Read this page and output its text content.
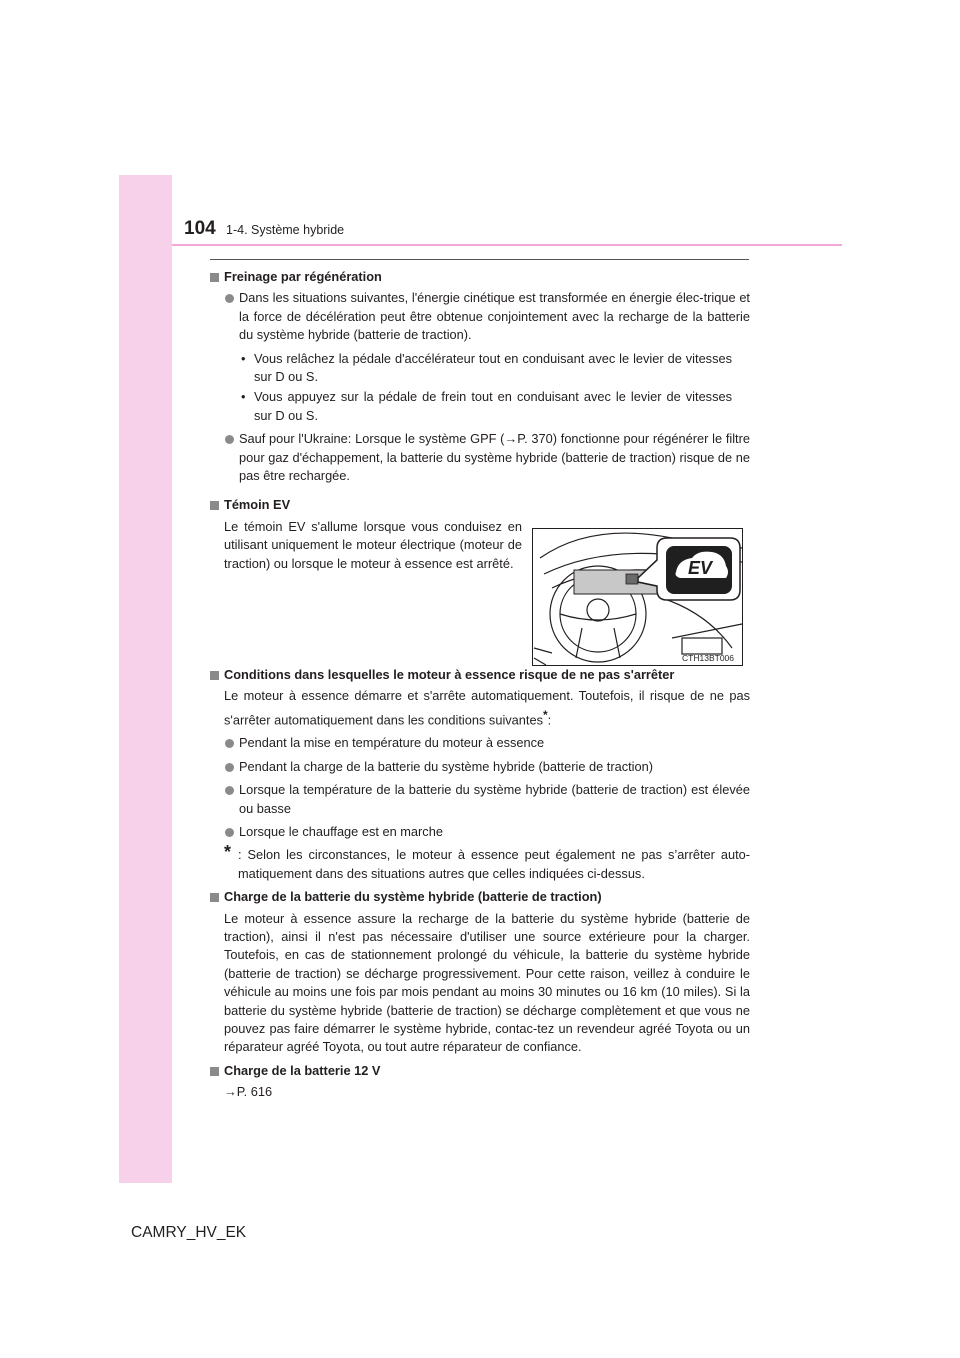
104 1-4. Système hybride
Freinage par régénération
Dans les situations suivantes, l'énergie cinétique est transformée en énergie élec-trique et la force de décélération peut être obtenue conjointement avec la recharge de la batterie du système hybride (batterie de traction).
• Vous relâchez la pédale d'accélérateur tout en conduisant avec le levier de vitesses sur D ou S.
• Vous appuyez sur la pédale de frein tout en conduisant avec le levier de vitesses sur D ou S.
Sauf pour l'Ukraine: Lorsque le système GPF (→P. 370) fonctionne pour régénérer le filtre pour gaz d'échappement, la batterie du système hybride (batterie de traction) risque de ne pas être rechargée.
Témoin EV
Le témoin EV s'allume lorsque vous conduisez en utilisant uniquement le moteur électrique (moteur de traction) ou lorsque le moteur à essence est arrêté.	EV
CTH13BT006
Conditions dans lesquelles le moteur à essence risque de ne pas s'arrêter
Le moteur à essence démarre et s'arrête automatiquement. Toutefois, il risque de ne pas s'arrêter automatiquement dans les conditions suivantes*:
Pendant la mise en température du moteur à essence
Pendant la charge de la batterie du système hybride (batterie de traction)
Lorsque la température de la batterie du système hybride (batterie de traction) est élevée ou basse
Lorsque le chauffage est en marche
* : Selon les circonstances, le moteur à essence peut également ne pas s’arrêter auto-matiquement dans des situations autres que celles indiquées ci-dessus.
Charge de la batterie du système hybride (batterie de traction)
Le moteur à essence assure la recharge de la batterie du système hybride (batterie de traction), ainsi il n'est pas nécessaire d'utiliser une source extérieure pour la charger. Toutefois, en cas de stationnement prolongé du véhicule, la batterie du système hybride (batterie de traction) se décharge progressivement. Pour cette raison, veillez à conduire le véhicule au moins une fois par mois pendant au moins 30 minutes ou 16 km (10 miles). Si la batterie du système hybride (batterie de traction) se décharge complètement et que vous ne pouvez pas faire démarrer le système hybride, contac-tez un revendeur agréé Toyota ou un réparateur agréé Toyota, ou tout autre réparateur de confiance.
Charge de la batterie 12 V
→P. 616
CAMRY_HV_EK
